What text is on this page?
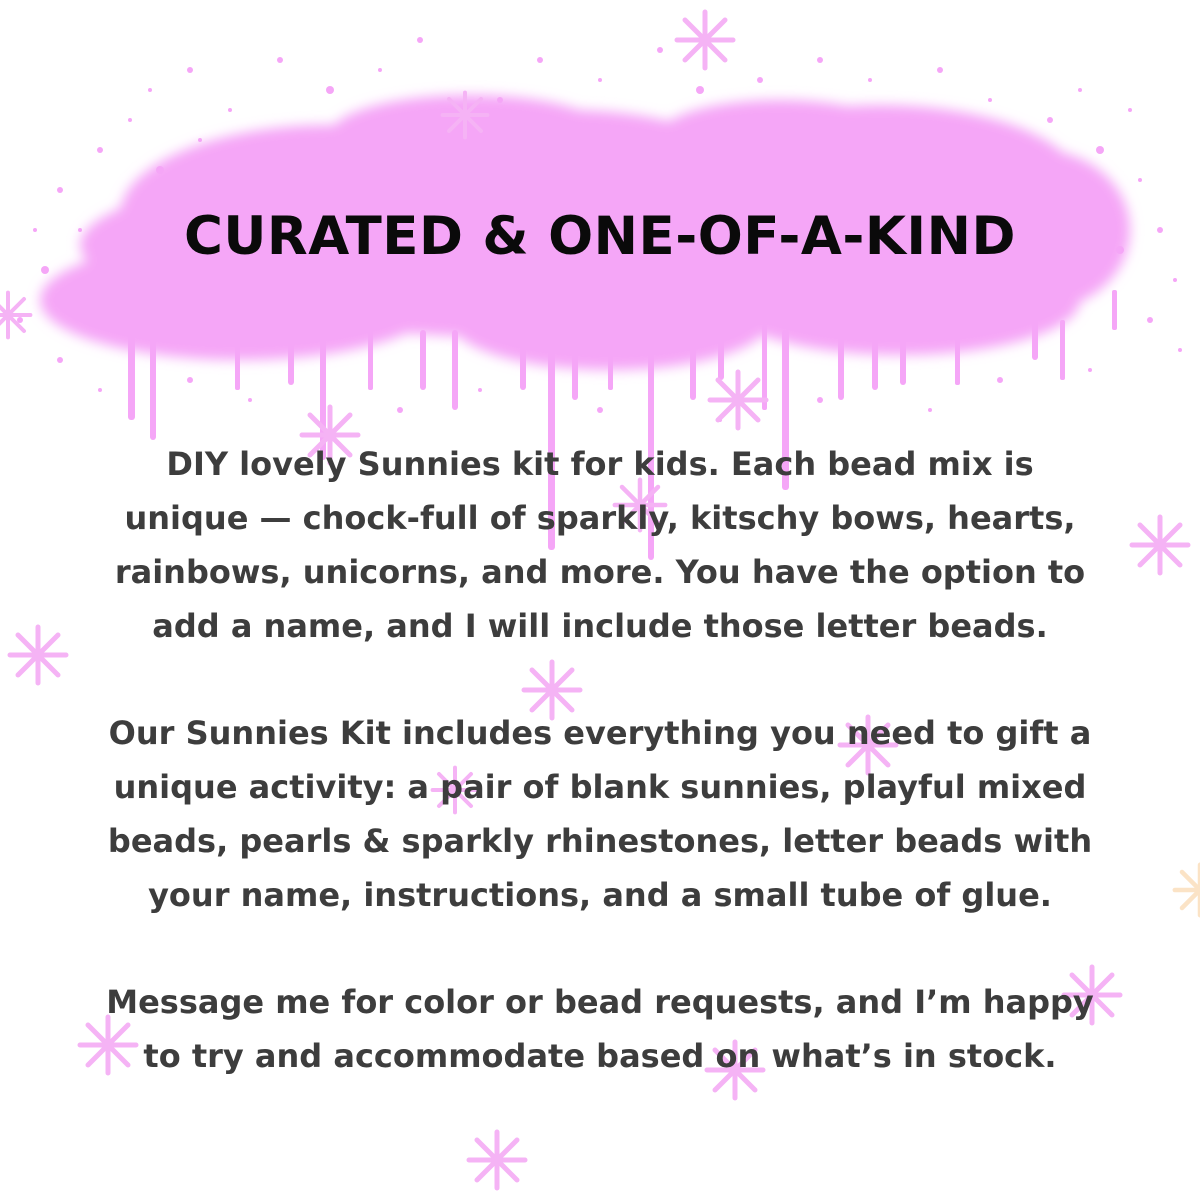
CURATED & ONE-OF-A-KIND

DIY lovely Sunnies kit for kids. Each bead mix is unique — chock-full of sparkly, kitschy bows, hearts, rainbows, unicorns, and more. You have the option to add a name, and I will include those letter beads.

Our Sunnies Kit includes everything you need to gift a unique activity: a pair of blank sunnies, playful mixed beads, pearls & sparkly rhinestones, letter beads with your name, instructions, and a small tube of glue.

Message me for color or bead requests, and I’m happy to try and accommodate based on what’s in stock.
